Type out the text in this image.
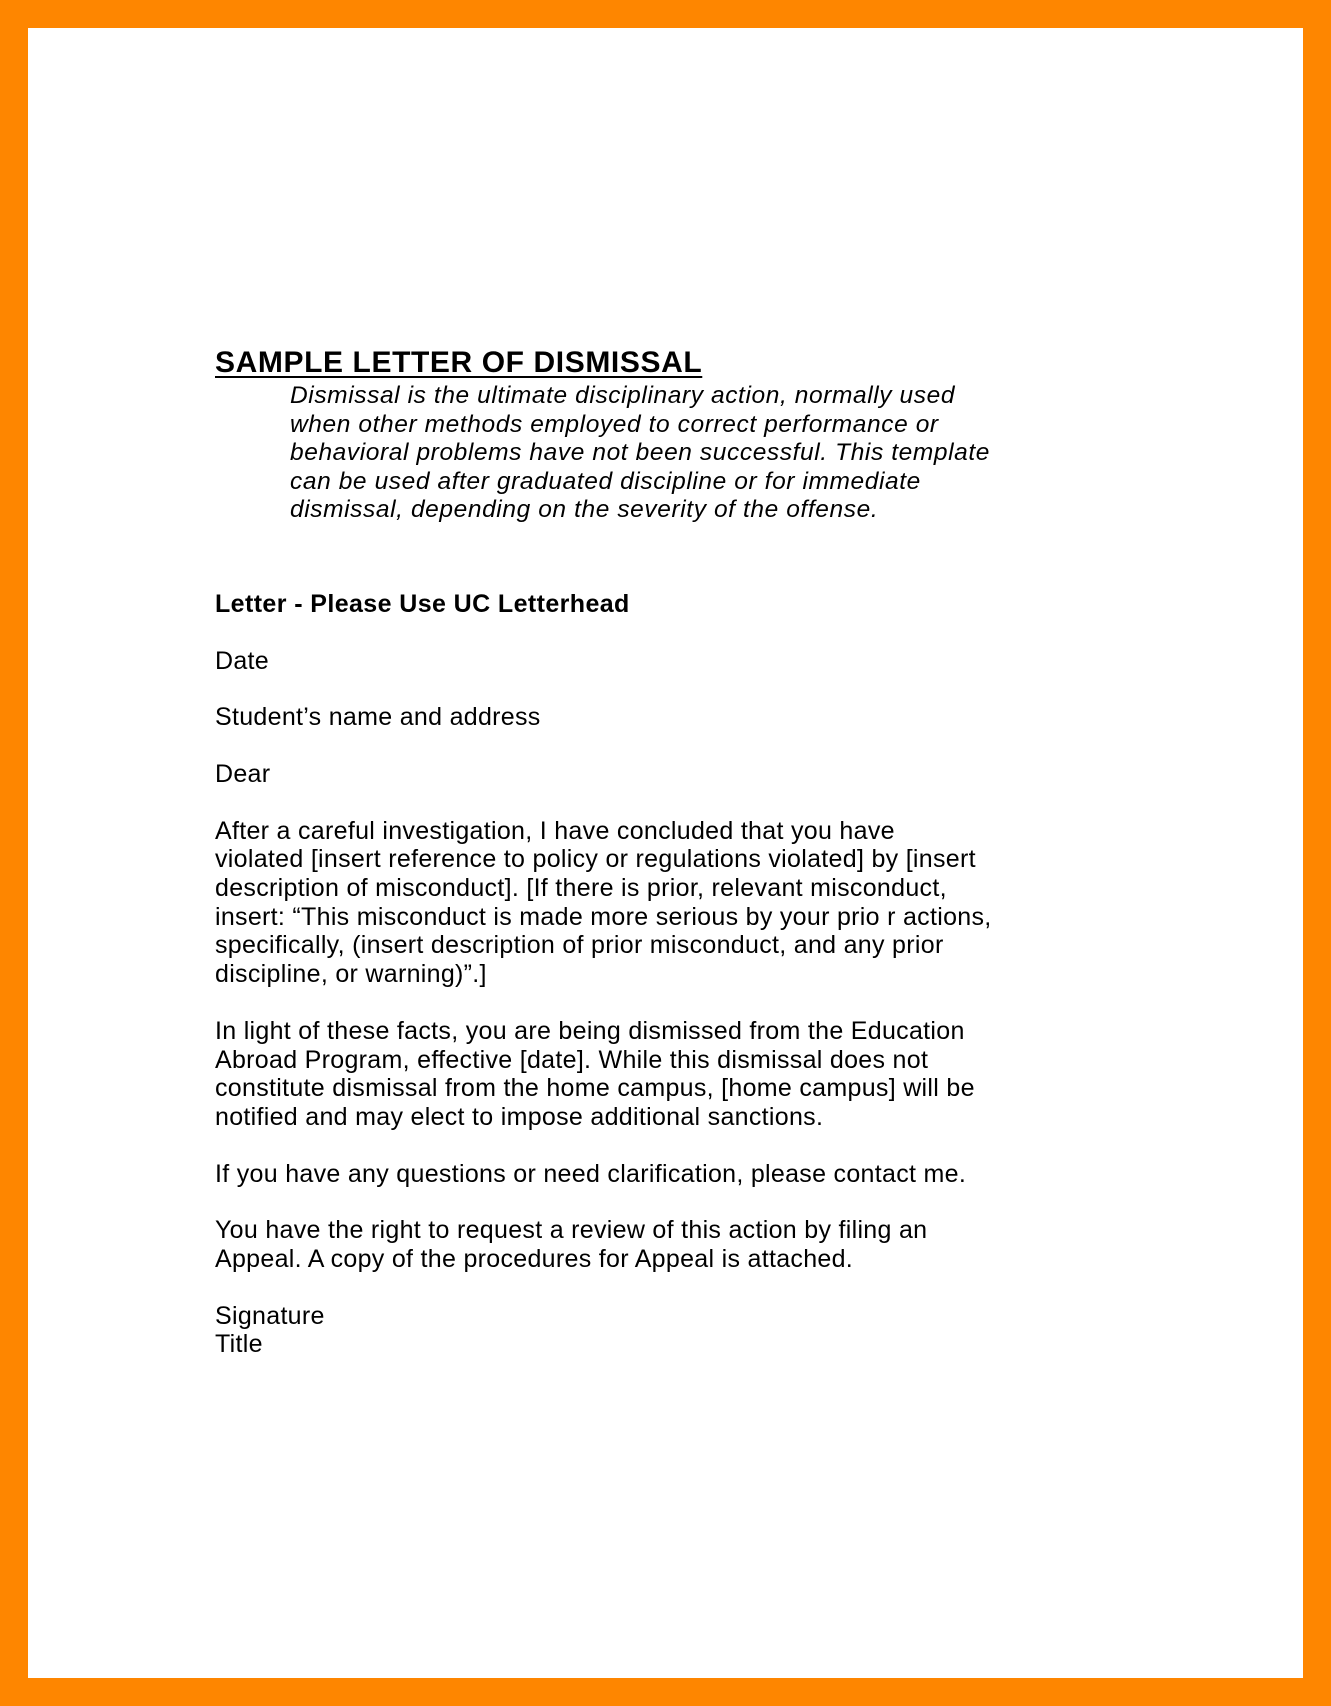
SAMPLE LETTER OF DISMISSAL
Dismissal is the ultimate disciplinary action, normally used
when other methods employed to correct performance or
behavioral problems have not been successful. This template
can be used after graduated discipline or for immediate
dismissal, depending on the severity of the offense.
Letter - Please Use UC Letterhead
Date
Student’s name and address
Dear
After a careful investigation, I have concluded that you have
violated [insert reference to policy or regulations violated] by [insert
description of misconduct]. [If there is prior, relevant misconduct,
insert: “This misconduct is made more serious by your prio r actions,
specifically, (insert description of prior misconduct, and any prior
discipline, or warning)”.]
In light of these facts, you are being dismissed from the Education
Abroad Program, effective [date]. While this dismissal does not
constitute dismissal from the home campus, [home campus] will be
notified and may elect to impose additional sanctions.
If you have any questions or need clarification, please contact me.
You have the right to request a review of this action by filing an
Appeal. A copy of the procedures for Appeal is attached.
Signature
Title
